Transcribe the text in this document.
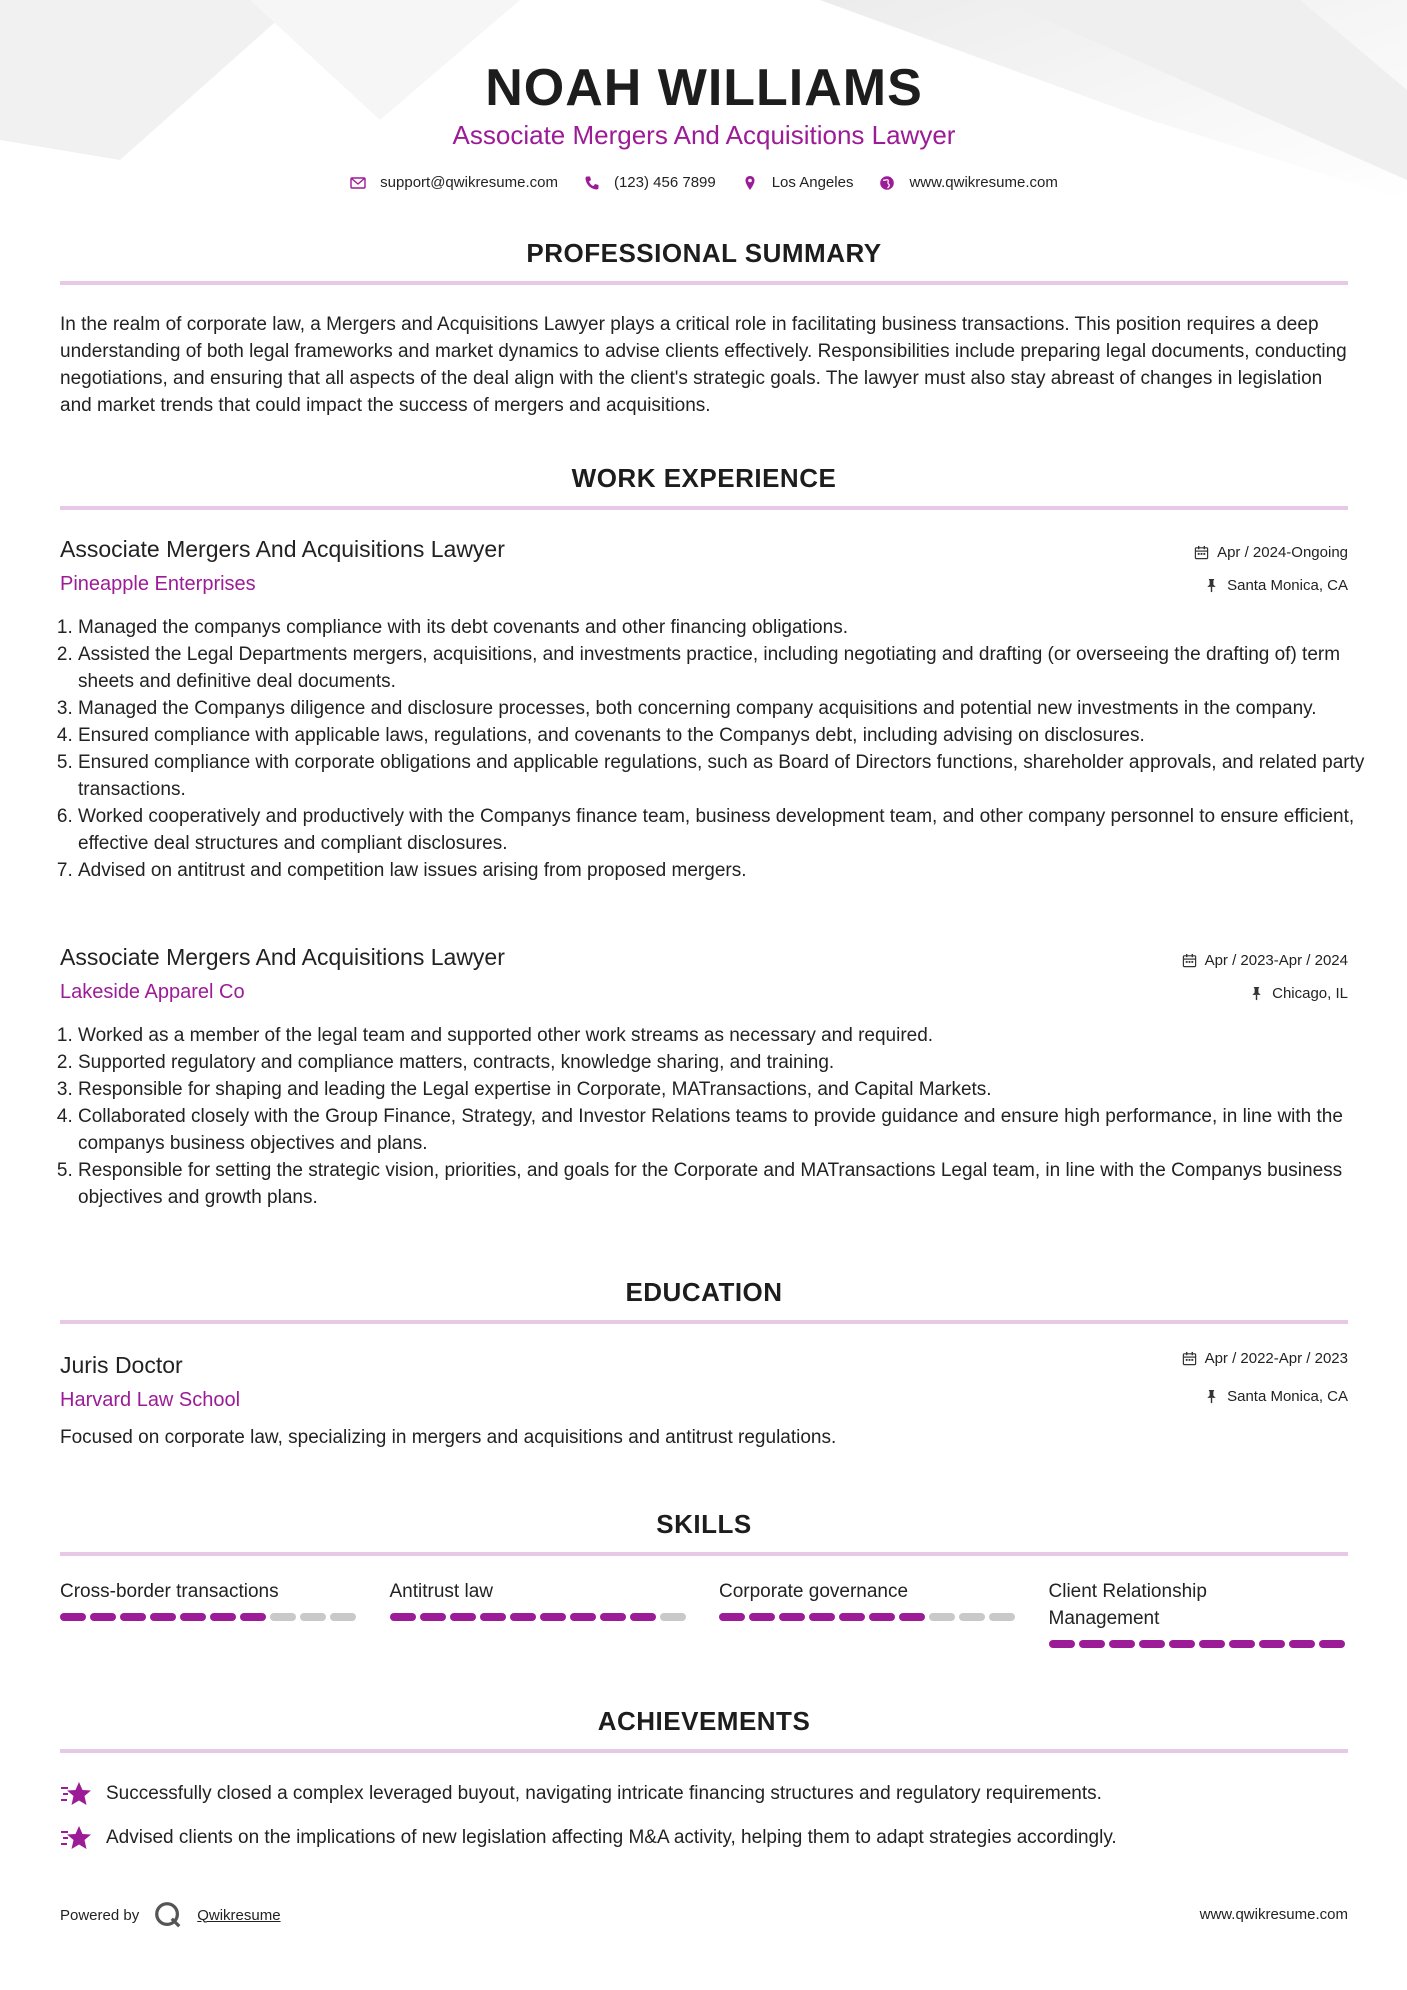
NOAH WILLIAMS
Associate Mergers And Acquisitions Lawyer
support@qwikresume.com	(123) 456 7899	Los Angeles	www.qwikresume.com
PROFESSIONAL SUMMARY
In the realm of corporate law, a Mergers and Acquisitions Lawyer plays a critical role in facilitating business transactions. This position requires a deep understanding of both legal frameworks and market dynamics to advise clients effectively. Responsibilities include preparing legal documents, conducting negotiations, and ensuring that all aspects of the deal align with the client's strategic goals. The lawyer must also stay abreast of changes in legislation and market trends that could impact the success of mergers and acquisitions.
WORK EXPERIENCE
Associate Mergers And Acquisitions Lawyer	Apr / 2024-Ongoing
Pineapple Enterprises	Santa Monica, CA
1. Managed the companys compliance with its debt covenants and other financing obligations.
2. Assisted the Legal Departments mergers, acquisitions, and investments practice, including negotiating and drafting (or overseeing the drafting of) term sheets and definitive deal documents.
3. Managed the Companys diligence and disclosure processes, both concerning company acquisitions and potential new investments in the company.
4. Ensured compliance with applicable laws, regulations, and covenants to the Companys debt, including advising on disclosures.
5. Ensured compliance with corporate obligations and applicable regulations, such as Board of Directors functions, shareholder approvals, and related party transactions.
6. Worked cooperatively and productively with the Companys finance team, business development team, and other company personnel to ensure efficient, effective deal structures and compliant disclosures.
7. Advised on antitrust and competition law issues arising from proposed mergers.
Associate Mergers And Acquisitions Lawyer	Apr / 2023-Apr / 2024
Lakeside Apparel Co	Chicago, IL
1. Worked as a member of the legal team and supported other work streams as necessary and required.
2. Supported regulatory and compliance matters, contracts, knowledge sharing, and training.
3. Responsible for shaping and leading the Legal expertise in Corporate, MATransactions, and Capital Markets.
4. Collaborated closely with the Group Finance, Strategy, and Investor Relations teams to provide guidance and ensure high performance, in line with the companys business objectives and plans.
5. Responsible for setting the strategic vision, priorities, and goals for the Corporate and MATransactions Legal team, in line with the Companys business objectives and growth plans.
EDUCATION
Juris Doctor	Apr / 2022-Apr / 2023
Harvard Law School	Santa Monica, CA
Focused on corporate law, specializing in mergers and acquisitions and antitrust regulations.
SKILLS
Cross-border transactions	Antitrust law	Corporate governance	Client Relationship Management
ACHIEVEMENTS
Successfully closed a complex leveraged buyout, navigating intricate financing structures and regulatory requirements.
Advised clients on the implications of new legislation affecting M&A activity, helping them to adapt strategies accordingly.
Powered by	Qwikresume	www.qwikresume.com
